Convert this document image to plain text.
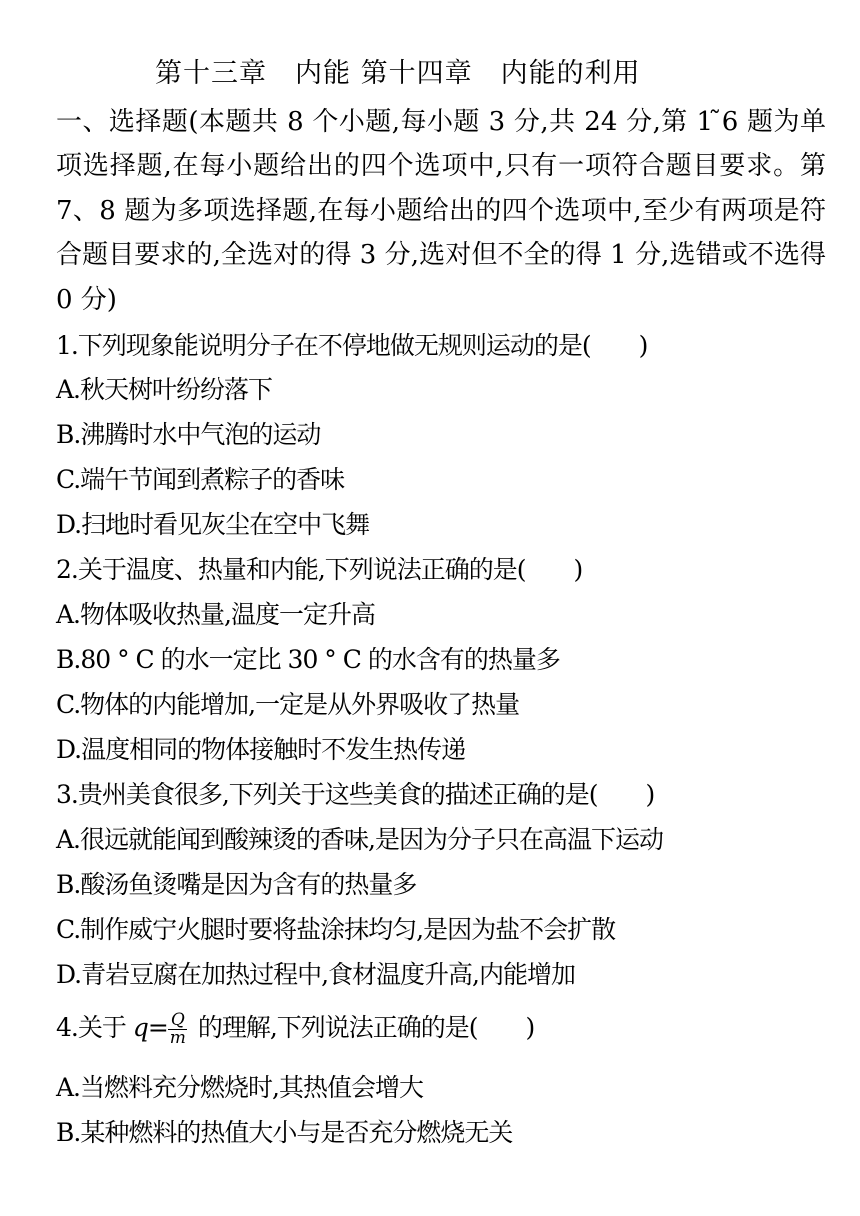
第十三章　内能 第十四章　内能的利用
一、选择题(本题共 8 个小题,每小题 3 分,共 24 分,第 1 ̃6 题为单项选择题,在每小题给出的四个选项中,只有一项符合题目要求。第 7、8 题为多项选择题,在每小题给出的四个选项中,至少有两项是符合题目要求的,全选对的得 3 分,选对但不全的得 1 分,选错或不选得 0 分)
1.下列现象能说明分子在不停地做无规则运动的是(　　)
A.秋天树叶纷纷落下
B.沸腾时水中气泡的运动
C.端午节闻到煮粽子的香味
D.扫地时看见灰尘在空中飞舞
2.关于温度、热量和内能,下列说法正确的是(　　)
A.物体吸收热量,温度一定升高
B.80 ° C 的水一定比 30 ° C 的水含有的热量多
C.物体的内能增加,一定是从外界吸收了热量
D.温度相同的物体接触时不发生热传递
3.贵州美食很多,下列关于这些美食的描述正确的是(　　)
A.很远就能闻到酸辣烫的香味,是因为分子只在高温下运动
B.酸汤鱼烫嘴是因为含有的热量多
C.制作威宁火腿时要将盐涂抹均匀,是因为盐不会扩散
D.青岩豆腐在加热过程中,食材温度升高,内能增加
4.关于 $q= \frac{Q}{m}$ 的理解,下列说法正确的是(　　)
A.当燃料充分燃烧时,其热值会增大
B.某种燃料的热值大小与是否充分燃烧无关
